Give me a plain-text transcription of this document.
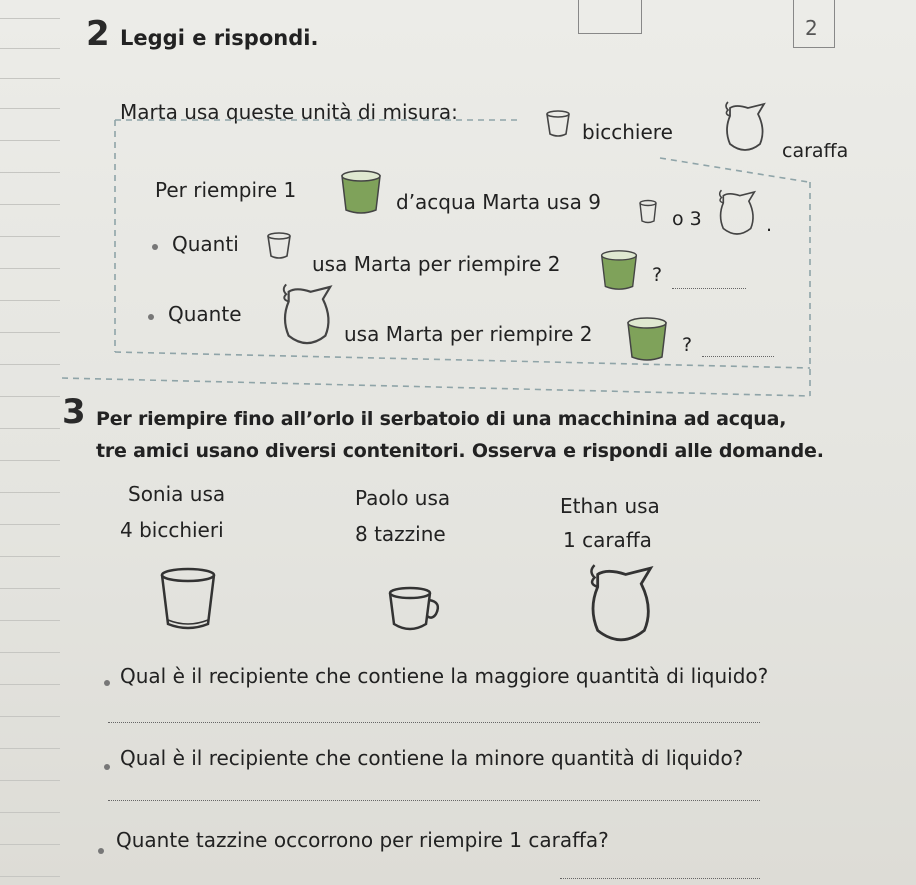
2
2 Leggi e rispondi.
Marta usa queste unità di misura:
bicchiere
caraffa
Per riempire 1	d’acqua Marta usa 9
o 3	.
Quanti
usa Marta per riempire 2	?
Quante
usa Marta per riempire 2	?
3 Per riempire fino all’orlo il serbatoio di una macchinina ad acqua,
tre amici usano diversi contenitori. Osserva e rispondi alle domande.
Sonia usa
4 bicchieri
Paolo usa
8 tazzine
Ethan usa
1 caraffa
Qual è il recipiente che contiene la maggiore quantità di liquido?
Qual è il recipiente che contiene la minore quantità di liquido?
Quante tazzine occorrono per riempire 1 caraffa?
